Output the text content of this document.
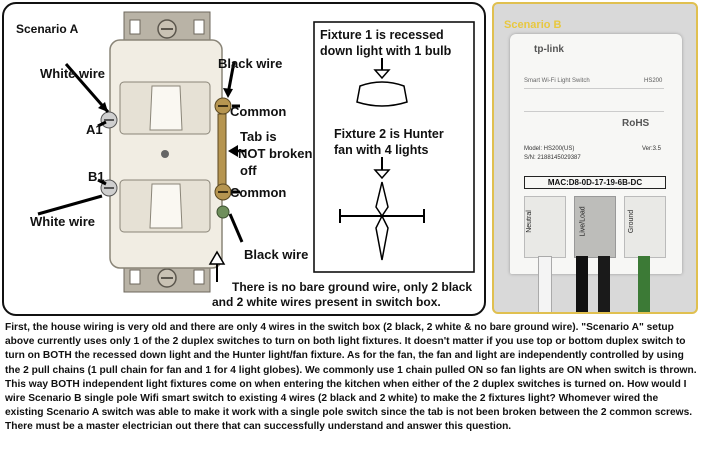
Scenario A
White wire
Black wire
A1
Common
Tab is
NOT broken
off
B1
Common
White wire
Black wire
There is no bare ground wire, only 2 black
and 2 white wires present in switch box.
Fixture 1 is recessed
down light with 1 bulb
Fixture 2 is Hunter
fan with 4 lights
Scenario B
tp-link
HS200
Smart Wi-Fi Light Switch
RoHS
Model: HS200(US)	Ver:3.5
S/N: 2188145029387
MAC:D8-0D-17-19-6B-DC
Neutral	Live/Load	Ground

First, the house wiring is very old and there are only 4 wires in the switch box (2 black, 2 white & no bare ground wire). "Scenario A" setup above currently uses only 1 of the 2 duplex switches to turn on both light fixtures. It doesn't matter if you use top or bottom duplex switch to turn on BOTH the recessed down light and the Hunter light/fan fixture. As for the fan, the fan and light are independently controlled by using the 2 pull chains (1 pull chain for fan and 1 for 4 light globes). We commonly use 1 chain pulled ON so fan lights are ON when switch is thrown. This way BOTH independent light fixtures come on when entering the kitchen when either of the 2 duplex switches is turned on. How would I wire Scenario B single pole Wifi smart switch to existing 4 wires (2 black and 2 white) to make the 2 fixtures light? Whomever wired the existing Scenario A switch was able to make it work with a single pole switch since the tab is not been broken between the 2 common screws. There must be a master electrician out there that can successfully understand and answer this question.
